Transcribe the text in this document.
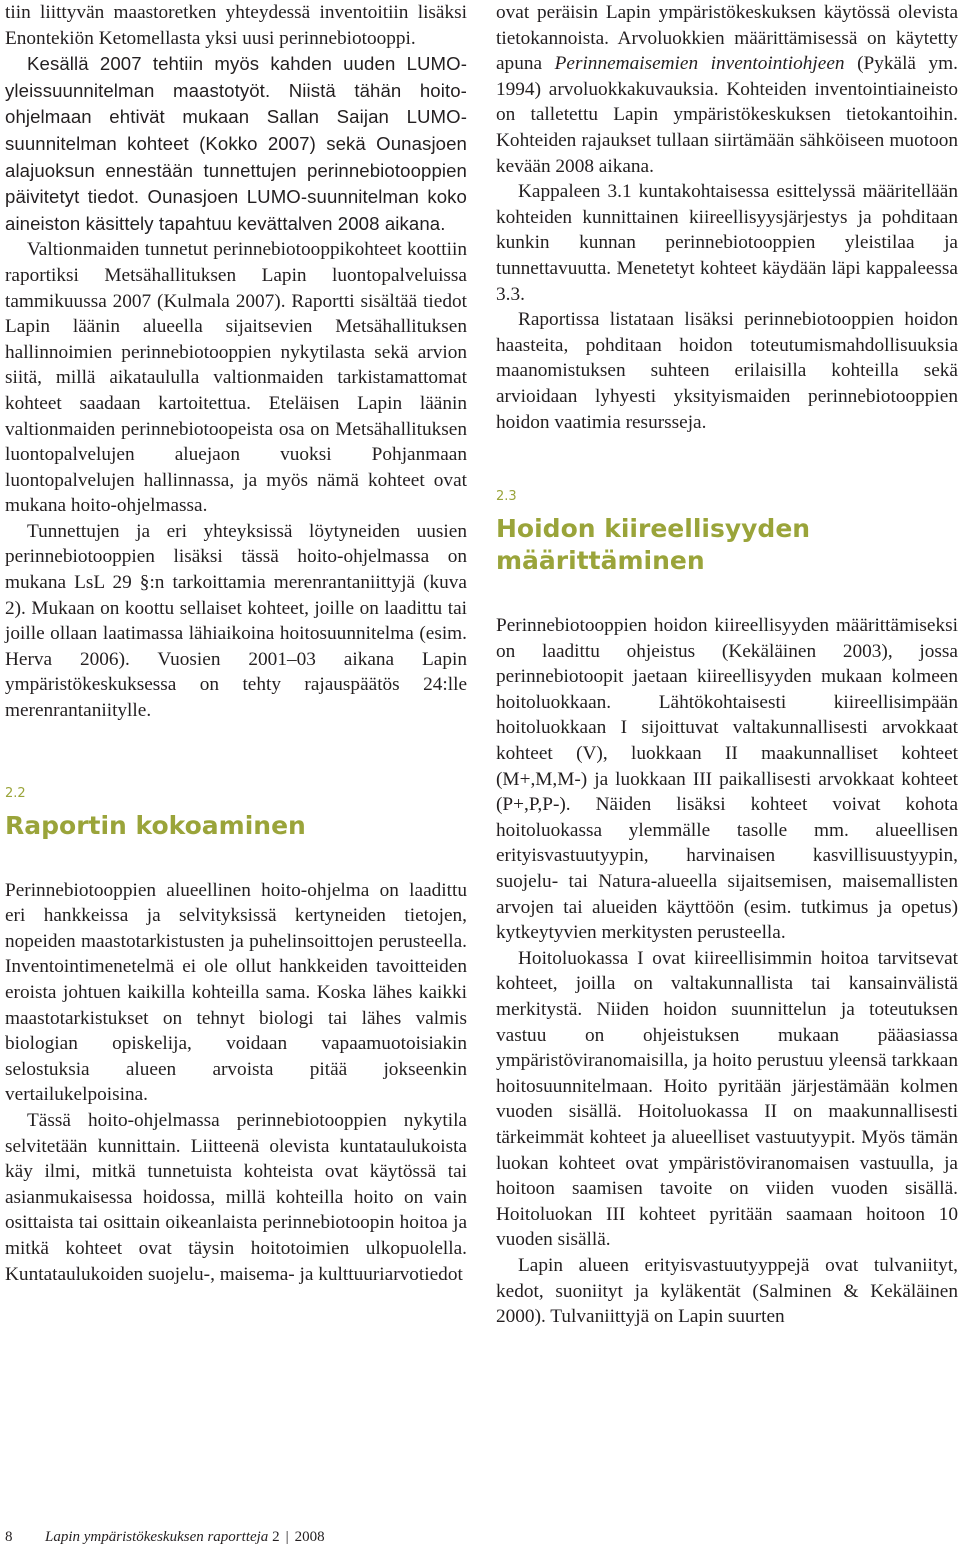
tiin liittyvän maastoretken yhteydessä inventoitiin lisäksi Enontekiön Ketomellasta yksi uusi perinnebiotooppi.

Kesällä 2007 tehtiin myös kahden uuden LUMO-yleissuunnitelman maastotyöt. Niistä tähän hoito-ohjelmaan ehtivät mukaan Sallan Saijan LUMO-suunnitelman kohteet (Kokko 2007) sekä Ounasjoen alajuoksun ennestään tunnettujen perinnebiotooppien päivitetyt tiedot. Ounasjoen LUMO-suunnitelman koko aineiston käsittely tapahtuu kevättalven 2008 aikana.

Valtionmaiden tunnetut perinnebiotooppikohteet koottiin raportiksi Metsähallituksen Lapin luontopalveluissa tammikuussa 2007 (Kulmala 2007). Raportti sisältää tiedot Lapin läänin alueella sijaitsevien Metsähallituksen hallinnoimien perinnebiotooppien nykytilasta sekä arvion siitä, millä aikataululla valtionmaiden tarkistamattomat kohteet saadaan kartoitettua. Eteläisen Lapin läänin valtionmaiden perinnebiotoopeista osa on Metsähallituksen luontopalvelujen aluejaon vuoksi Pohjanmaan luontopalvelujen hallinnassa, ja myös nämä kohteet ovat mukana hoito-ohjelmassa.

Tunnettujen ja eri yhteyksissä löytyneiden uusien perinnebiotooppien lisäksi tässä hoito-ohjelmassa on mukana LsL 29 §:n tarkoittamia merenrantaniittyjä (kuva 2). Mukaan on koottu sellaiset kohteet, joille on laadittu tai joille ollaan laatimassa lähiaikoina hoitosuunnitelma (esim. Herva 2006). Vuosien 2001–03 aikana Lapin ympäristökeskuksessa on tehty rajauspäätös 24:lle merenrantaniitylle.

2.2
Raportin kokoaminen

Perinnebiotooppien alueellinen hoito-ohjelma on laadittu eri hankkeissa ja selvityksissä kertyneiden tietojen, nopeiden maastotarkistusten ja puhelinsoittojen perusteella. Inventointimenetelmä ei ole ollut hankkeiden tavoitteiden eroista johtuen kaikilla kohteilla sama. Koska lähes kaikki maastotarkistukset on tehnyt biologi tai lähes valmis biologian opiskelija, voidaan vapaamuotoisiakin selostuksia alueen arvoista pitää jokseenkin vertailukelpoisina.

Tässä hoito-ohjelmassa perinnebiotooppien nykytila selvitetään kunnittain. Liitteenä olevista kuntataulukoista käy ilmi, mitkä tunnetuista kohteista ovat käytössä tai asianmukaisessa hoidossa, millä kohteilla hoito on vain osittaista tai osittain oikeanlaista perinnebiotoopin hoitoa ja mitkä kohteet ovat täysin hoitotoimien ulkopuolella. Kuntataulukoiden suojelu-, maisema- ja kulttuuriarvotiedot

ovat peräisin Lapin ympäristökeskuksen käytössä olevista tietokannoista. Arvoluokkien määrittämisessä on käytetty apuna Perinnemaisemien inventointiohjeen (Pykälä ym. 1994) arvoluokkakuvauksia. Kohteiden inventointiaineisto on talletettu Lapin ympäristökeskuksen tietokantoihin. Kohteiden rajaukset tullaan siirtämään sähköiseen muotoon kevään 2008 aikana.

Kappaleen 3.1 kuntakohtaisessa esittelyssä määritellään kohteiden kunnittainen kiireellisyysjärjestys ja pohditaan kunkin kunnan perinnebiotooppien yleistilaa ja tunnettavuutta. Menetetyt kohteet käydään läpi kappaleessa 3.3.

Raportissa listataan lisäksi perinnebiotooppien hoidon haasteita, pohditaan hoidon toteutumismahdollisuuksia maanomistuksen suhteen erilaisilla kohteilla sekä arvioidaan lyhyesti yksityismaiden perinnebiotooppien hoidon vaatimia resursseja.

2.3
Hoidon kiireellisyyden määrittäminen

Perinnebiotooppien hoidon kiireellisyyden määrittämiseksi on laadittu ohjeistus (Kekäläinen 2003), jossa perinnebiotoopit jaetaan kiireellisyyden mukaan kolmeen hoitoluokkaan. Lähtökohtaisesti kiireellisimpään hoitoluokkaan I sijoittuvat valtakunnallisesti arvokkaat kohteet (V), luokkaan II maakunnalliset kohteet (M+,M,M-) ja luokkaan III paikallisesti arvokkaat kohteet (P+,P,P-). Näiden lisäksi kohteet voivat kohota hoitoluokassa ylemmälle tasolle mm. alueellisen erityisvastuutyypin, harvinaisen kasvillisuustyypin, suojelu- tai Natura-alueella sijaitsemisen, maisemallisten arvojen tai alueiden käyttöön (esim. tutkimus ja opetus) kytkeytyvien merkitysten perusteella.

Hoitoluokassa I ovat kiireellisimmin hoitoa tarvitsevat kohteet, joilla on valtakunnallista tai kansainvälistä merkitystä. Niiden hoidon suunnittelun ja toteutuksen vastuu on ohjeistuksen mukaan pääasiassa ympäristöviranomaisilla, ja hoito perustuu yleensä tarkkaan hoitosuunnitelmaan. Hoito pyritään järjestämään kolmen vuoden sisällä. Hoitoluokassa II on maakunnallisesti tärkeimmät kohteet ja alueelliset vastuutyypit. Myös tämän luokan kohteet ovat ympäristöviranomaisen vastuulla, ja hoitoon saamisen tavoite on viiden vuoden sisällä. Hoitoluokan III kohteet pyritään saamaan hoitoon 10 vuoden sisällä.

Lapin alueen erityisvastuutyyppejä ovat tulvaniityt, kedot, suoniityt ja kyläkentät (Salminen & Kekäläinen 2000). Tulvaniittyjä on Lapin suurten

8 Lapin ympäristökeskuksen raportteja 2 | 2008
